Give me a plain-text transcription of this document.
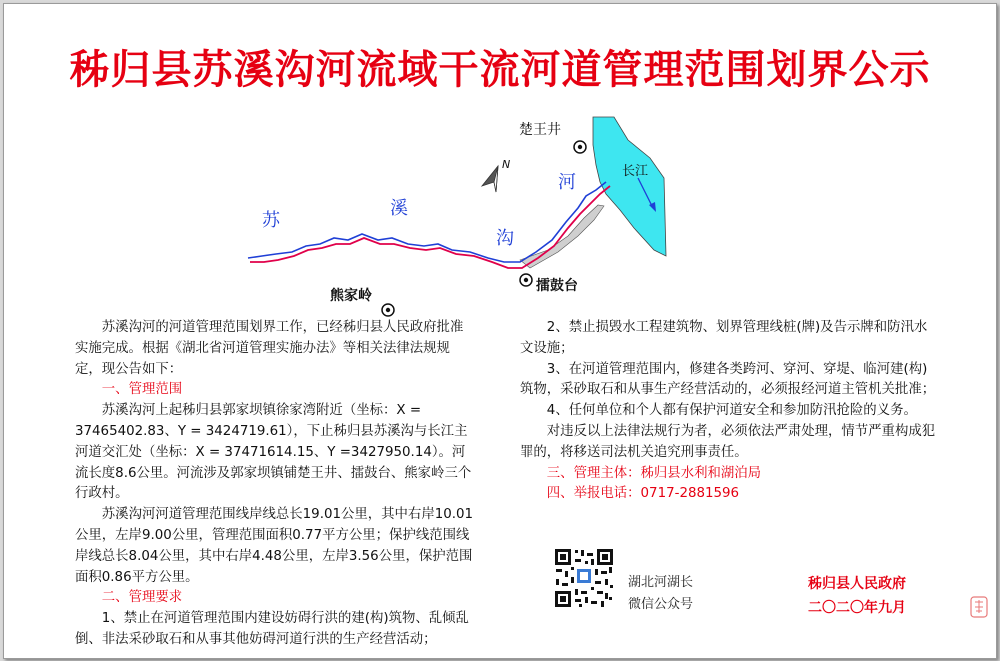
秭归县苏溪沟河流域干流河道管理范围划界公示
长江
苏
溪
沟
河
N
楚王井
擂鼓台
熊家岭

苏溪沟河的河道管理范围划界工作，已经秭归县人民政府批准实施完成。根据《湖北省河道管理实施办法》等相关法律法规规定，现公告如下：

一、管理范围

苏溪沟河上起秭归县郭家坝镇徐家湾附近（坐标：X = 37465402.83、Y = 3424719.61），下止秭归县苏溪沟与长江主河道交汇处（坐标：X = 37471614.15、Y =3427950.14）。河流长度8.6公里。河流涉及郭家坝镇铺楚王井、擂鼓台、熊家岭三个行政村。

苏溪沟河河道管理范围线岸线总长19.01公里，其中右岸10.01公里，左岸9.00公里，管理范围面积0.77平方公里；保护线范围线岸线总长8.04公里，其中右岸4.48公里，左岸3.56公里，保护范围面积0.86平方公里。

二、管理要求

1、禁止在河道管理范围内建设妨碍行洪的建(构)筑物、乱倾乱倒、非法采砂取石和从事其他妨碍河道行洪的生产经营活动；

2、禁止损毁水工程建筑物、划界管理线桩(牌)及告示牌和防汛水文设施；

3、在河道管理范围内，修建各类跨河、穿河、穿堤、临河建(构)筑物，采砂取石和从事生产经营活动的，必须报经河道主管机关批准；

4、任何单位和个人都有保护河道安全和参加防汛抢险的义务。

对违反以上法律法规行为者，必须依法严肃处理，情节严重构成犯罪的，将移送司法机关追究刑事责任。

三、管理主体：秭归县水利和湖泊局

四、举报电话：0717-2881596

湖北河湖长
微信公众号
秭归县人民政府
二〇二〇年九月
